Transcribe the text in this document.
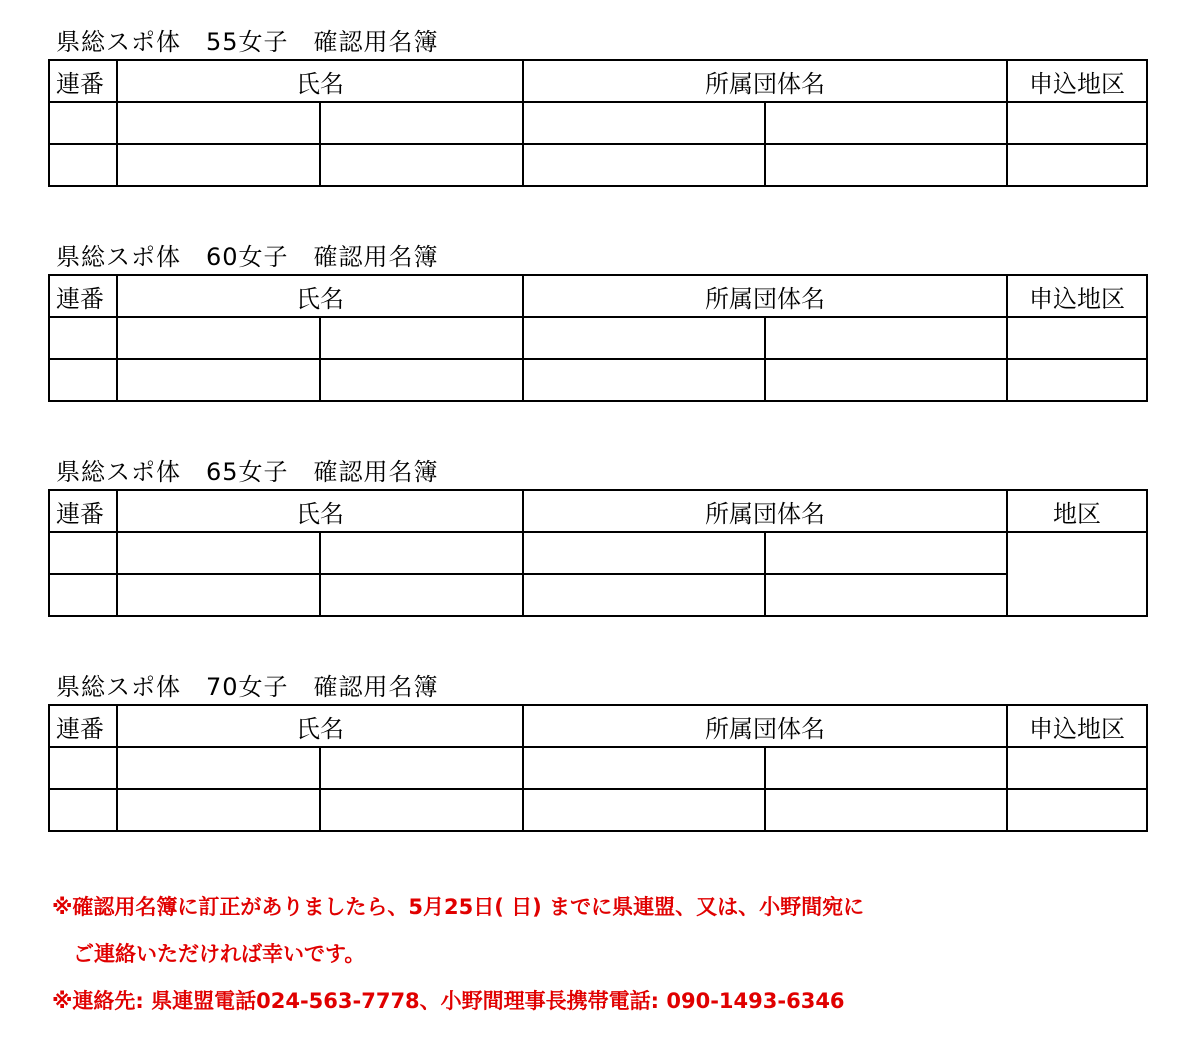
県総スポ体　55女子　確認用名簿
連番	氏名		所属団体名		申込地区

県総スポ体　60女子　確認用名簿
連番	氏名		所属団体名		申込地区

県総スポ体　65女子　確認用名簿
連番	氏名		所属団体名		地区

県総スポ体　70女子　確認用名簿
連番	氏名		所属団体名		申込地区

※確認用名簿に訂正がありましたら、5月25日( 日) までに県連盟、又は、小野間宛に
　ご連絡いただければ幸いです。
※連絡先: 県連盟電話024-563-7778、小野間理事長携帯電話: 090-1493-6346
